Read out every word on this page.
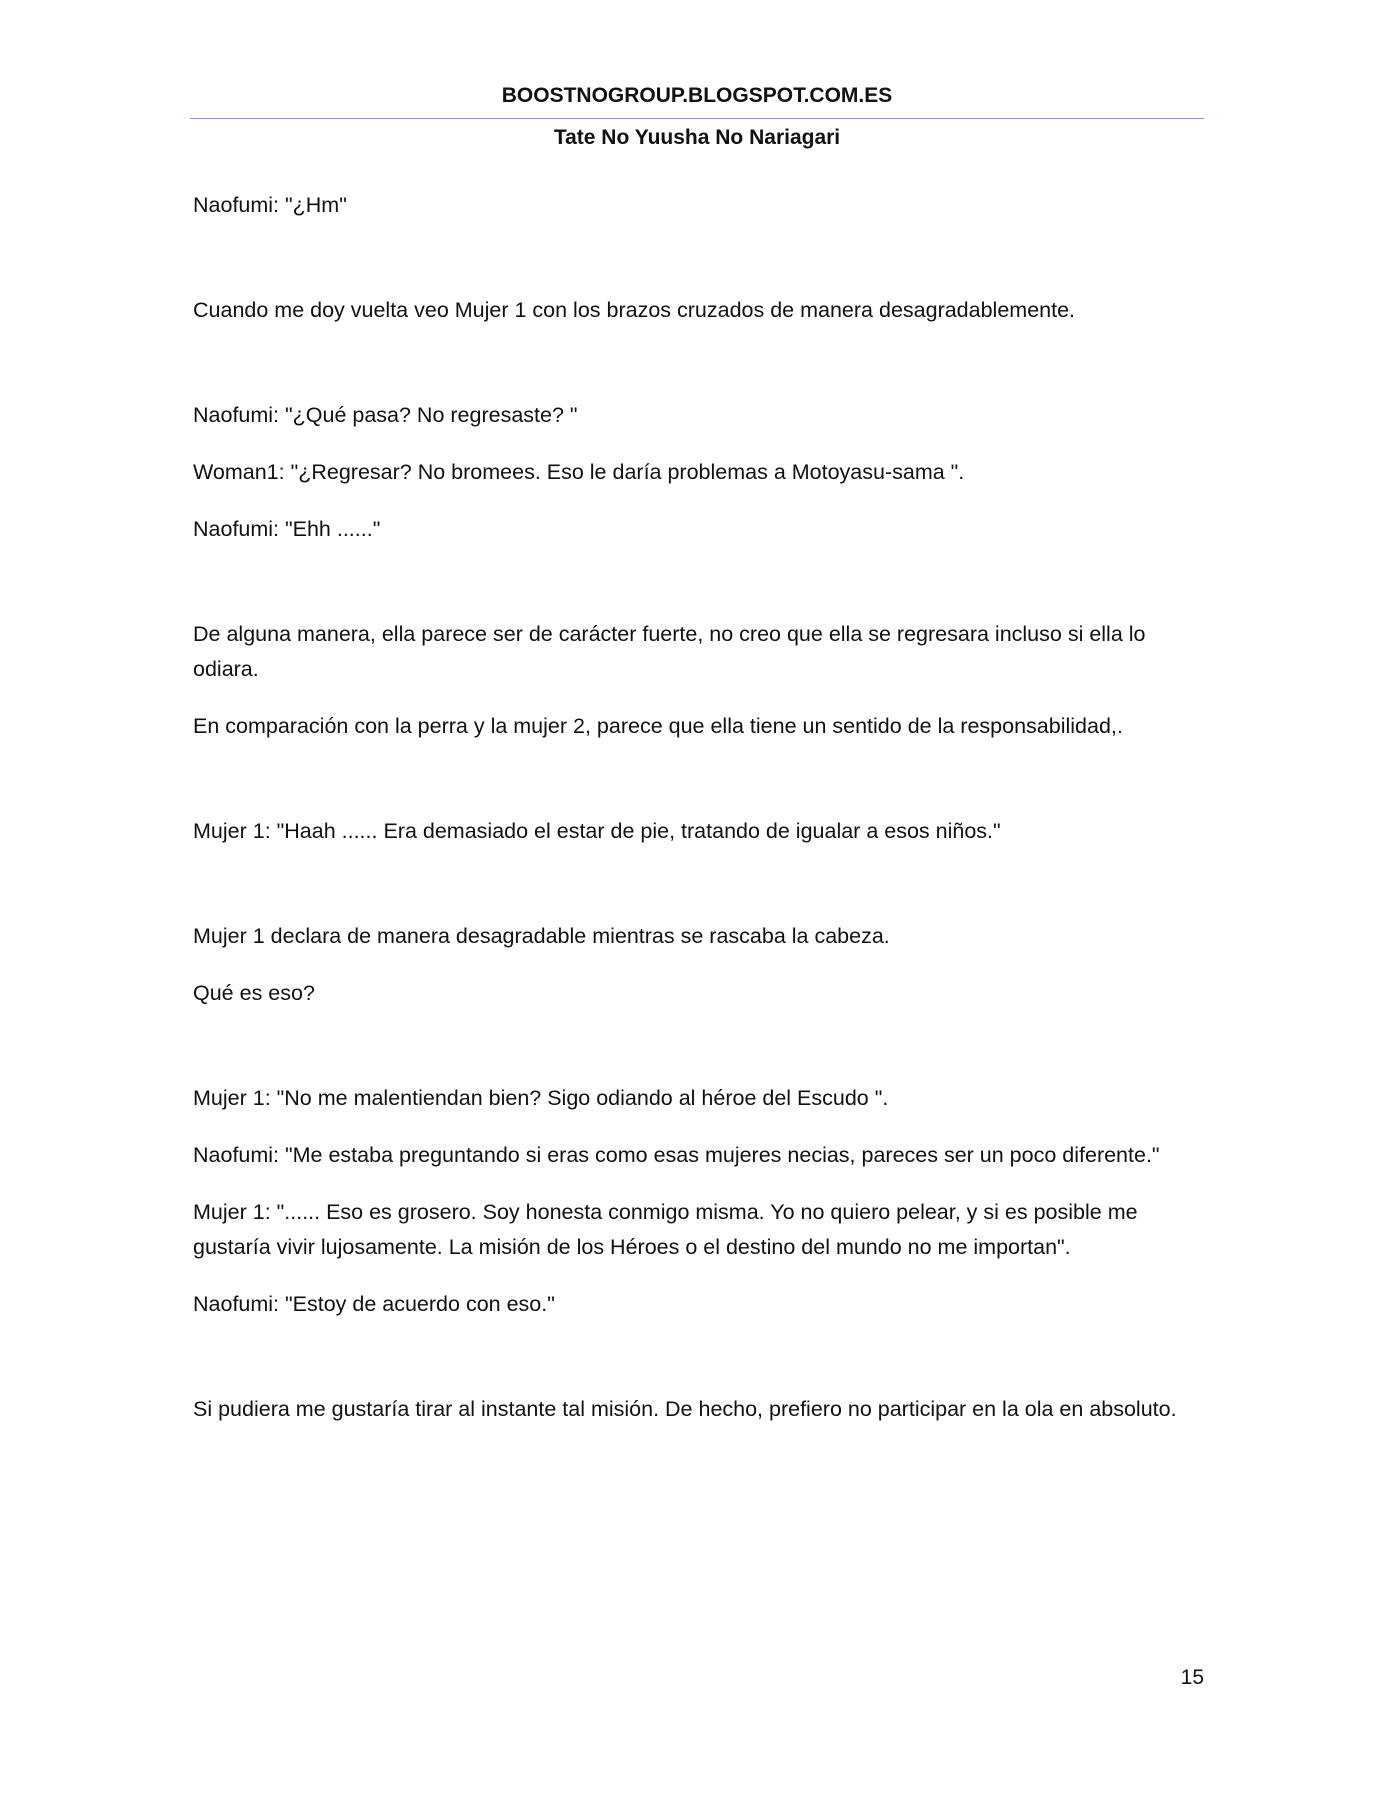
BOOSTNOGROUP.BLOGSPOT.COM.ES
Tate No Yuusha No Nariagari

Naofumi: "¿Hm"

Cuando me doy vuelta veo Mujer 1 con los brazos cruzados de manera desagradablemente.

Naofumi: "¿Qué pasa? No regresaste? "

Woman1: "¿Regresar? No bromees. Eso le daría problemas a Motoyasu-sama ".

Naofumi: "Ehh ......"

De alguna manera, ella parece ser de carácter fuerte, no creo que ella se regresara incluso si ella lo odiara.

En comparación con la perra y la mujer 2, parece que ella tiene un sentido de la responsabilidad,.

Mujer 1: "Haah ...... Era demasiado el estar de pie, tratando de igualar a esos niños."

Mujer 1 declara de manera desagradable mientras se rascaba la cabeza.

Qué es eso?

Mujer 1: "No me malentiendan bien? Sigo odiando al héroe del Escudo ".

Naofumi: "Me estaba preguntando si eras como esas mujeres necias, pareces ser un poco diferente."

Mujer 1: "...... Eso es grosero. Soy honesta conmigo misma. Yo no quiero pelear, y si es posible me gustaría vivir lujosamente. La misión de los Héroes o el destino del mundo no me importan".

Naofumi: "Estoy de acuerdo con eso."

Si pudiera me gustaría tirar al instante tal misión. De hecho, prefiero no participar en la ola en absoluto.

15
